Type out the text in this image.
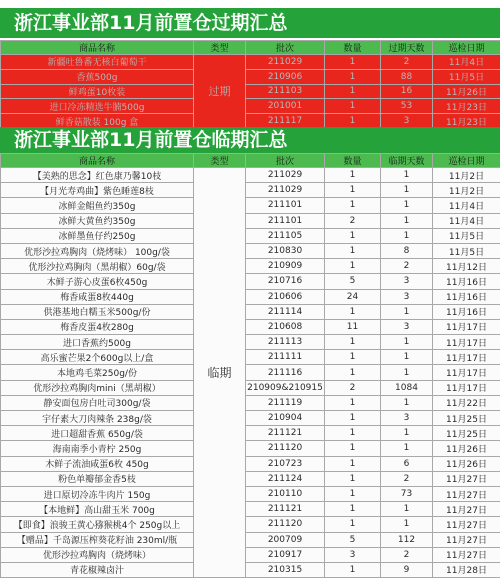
浙江事业部11月前置仓过期汇总
商品名称	类型	批次	数量	过期天数	巡检日期
新疆吐鲁番无核白葡萄干	过期	211029	1	2	11月4日
香蕉500g		210906	1	88	11月5日
鲜鸡蛋10枚装		211103	1	16	11月26日
进口冷冻精选牛腩500g		201001	1	53	11月23日
鲜香菇散装 100g 盒		211117	1	3	11月23日
浙江事业部11月前置仓临期汇总
商品名称	类型	批次	数量	临期天数	巡检日期
【美熟的思念】红色康乃馨10枝	临期	211029	1	1	11月2日
【月光寿鸡曲】紫色睡莲8枝		211029	1	1	11月2日
冰鲜金鲳鱼约350g		211101	1	1	11月4日
冰鲜大黄鱼约350g		211101	2	1	11月4日
冰鲜墨鱼仔约250g		211105	1	1	11月5日
优形沙拉鸡胸肉（烧烤味） 100g/袋		210830	1	8	11月5日
优形沙拉鸡胸肉（黑胡椒）60g/袋		210909	1	2	11月12日
木鲜子游心皮蛋6枚450g		210716	5	3	11月16日
梅香咸蛋8枚440g		210606	24	3	11月16日
供港基地白糯玉米500g/份		211114	1	1	11月16日
梅香皮蛋4枚280g		210608	11	3	11月17日
进口香蕉约500g		211113	1	1	11月17日
高乐蜜芒果2个600g以上/盒		211111	1	1	11月17日
本地鸡毛菜250g/份		211116	1	1	11月17日
优形沙拉鸡胸肉mini（黑胡椒）		210909&210915	2	1084	11月17日
静安面包房白吐司300g/袋		211119	1	1	11月22日
宇仔素大刀肉辣条 238g/袋		210904	1	3	11月25日
进口超甜香蕉 650g/袋		211121	1	1	11月25日
海南南季小青柠 250g		211120	1	1	11月26日
木鲜子流油咸蛋6枚 450g		210723	1	6	11月26日
粉色单瓣郁金香5枝		211124	1	2	11月27日
进口原切冷冻牛肉片 150g		210110	1	73	11月27日
【本地鲜】高山甜玉米 700g		211121	1	1	11月27日
【即食】浪骏王黄心猕猴桃4个 250g以上		211120	1	1	11月27日
【赠品】千岛源压榨葵花籽油 230ml/瓶		200709	5	112	11月27日
优形沙拉鸡胸肉（烧烤味）		210917	3	2	11月27日
青花椒辣卤汁		210315	1	9	11月28日
